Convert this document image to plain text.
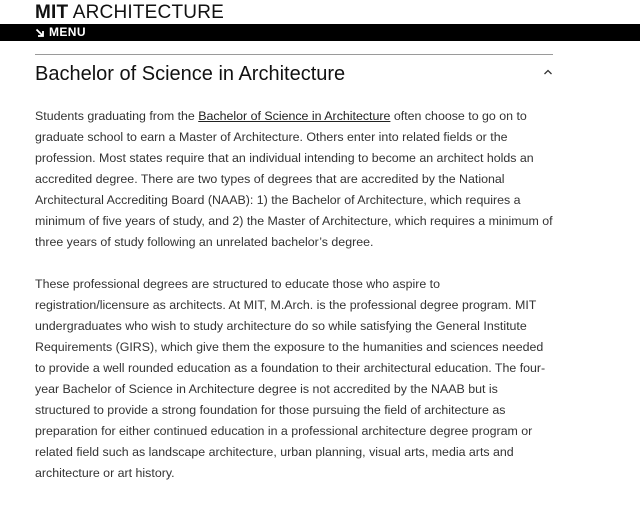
MIT ARCHITECTURE
MENU
Bachelor of Science in Architecture

Students graduating from the Bachelor of Science in Architecture often choose to go on to graduate school to earn a Master of Architecture. Others enter into related fields or the profession. Most states require that an individual intending to become an architect holds an accredited degree. There are two types of degrees that are accredited by the National Architectural Accrediting Board (NAAB): 1) the Bachelor of Architecture, which requires a minimum of five years of study, and 2) the Master of Architecture, which requires a minimum of three years of study following an unrelated bachelor’s degree.

These professional degrees are structured to educate those who aspire to registration/licensure as architects. At MIT, M.Arch. is the professional degree program. MIT undergraduates who wish to study architecture do so while satisfying the General Institute Requirements (GIRS), which give them the exposure to the humanities and sciences needed to provide a well rounded education as a foundation to their architectural education. The four-year Bachelor of Science in Architecture degree is not accredited by the NAAB but is structured to provide a strong foundation for those pursuing the field of architecture as preparation for either continued education in a professional architecture degree program or related field such as landscape architecture, urban planning, visual arts, media arts and architecture or art history.
